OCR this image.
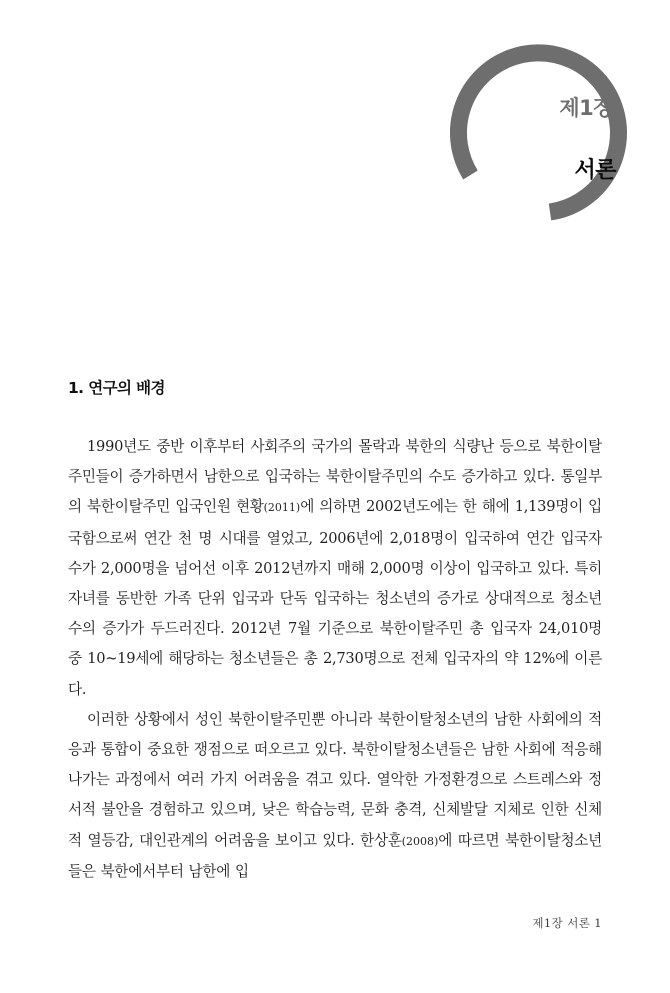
제1장
서론
1. 연구의 배경

1990년도 중반 이후부터 사회주의 국가의 몰락과 북한의 식량난 등으로 북한이탈주민들이 증가하면서 남한으로 입국하는 북한이탈주민의 수도 증가하고 있다. 통일부의 북한이탈주민 입국인원 현황(2011)에 의하면 2002년도에는 한 해에 1,139명이 입국함으로써 연간 천 명 시대를 열었고, 2006년에 2,018명이 입국하여 연간 입국자 수가 2,000명을 넘어선 이후 2012년까지 매해 2,000명 이상이 입국하고 있다. 특히 자녀를 동반한 가족 단위 입국과 단독 입국하는 청소년의 증가로 상대적으로 청소년 수의 증가가 두드러진다. 2012년 7월 기준으로 북한이탈주민 총 입국자 24,010명 중 10~19세에 해당하는 청소년들은 총 2,730명으로 전체 입국자의 약 12%에 이른다.

이러한 상황에서 성인 북한이탈주민뿐 아니라 북한이탈청소년의 남한 사회에의 적응과 통합이 중요한 쟁점으로 떠오르고 있다. 북한이탈청소년들은 남한 사회에 적응해 나가는 과정에서 여러 가지 어려움을 겪고 있다. 열악한 가정환경으로 스트레스와 정서적 불안을 경험하고 있으며, 낮은 학습능력, 문화 충격, 신체발달 지체로 인한 신체적 열등감, 대인관계의 어려움을 보이고 있다. 한상훈(2008)에 따르면 북한이탈청소년들은 북한에서부터 남한에 입

제1장 서론 1
